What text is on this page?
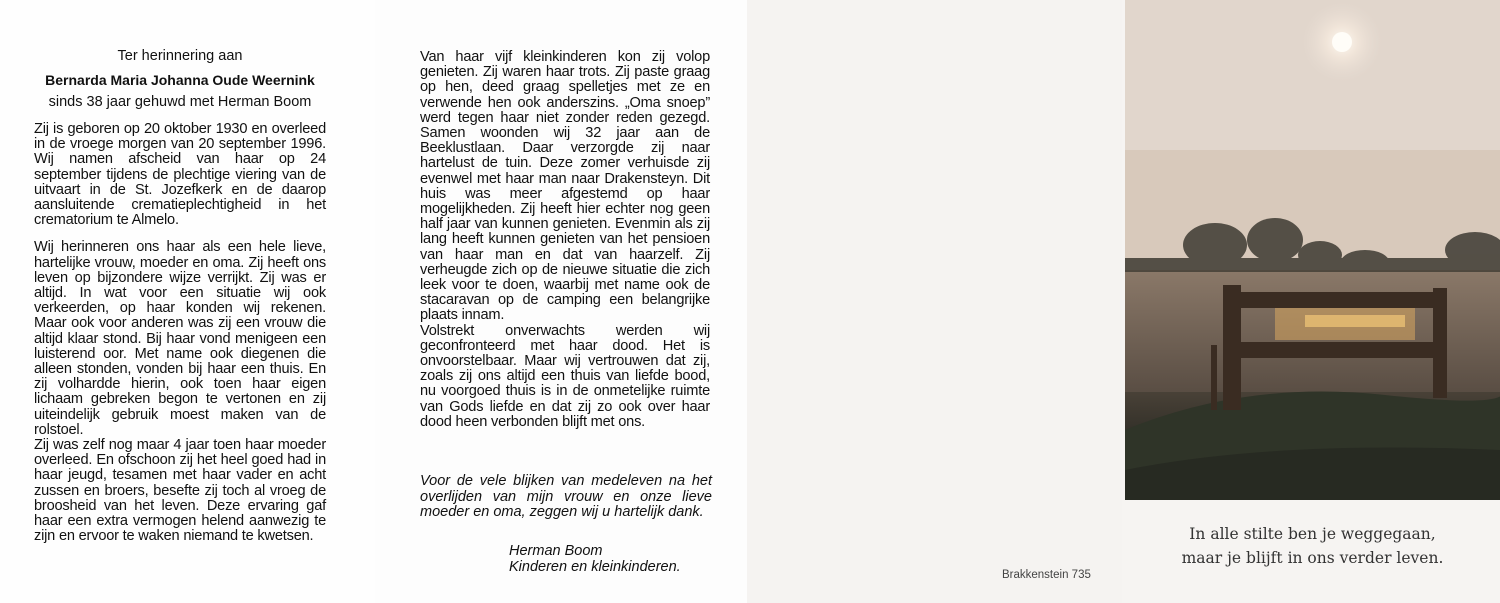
Ter herinnering aan
Bernarda Maria Johanna Oude Weernink
sinds 38 jaar gehuwd met Herman Boom

Zij is geboren op 20 oktober 1930 en overleed in de vroege morgen van 20 september 1996. Wij namen afscheid van haar op 24 september tijdens de plechtige viering van de uitvaart in de St. Jozefkerk en de daarop aansluitende crematieplechtigheid in het crematorium te Almelo.

Wij herinneren ons haar als een hele lieve, hartelijke vrouw, moeder en oma. Zij heeft ons leven op bijzondere wijze verrijkt. Zij was er altijd. In wat voor een situatie wij ook verkeerden, op haar konden wij rekenen. Maar ook voor anderen was zij een vrouw die altijd klaar stond. Bij haar vond menigeen een luisterend oor. Met name ook diegenen die alleen stonden, vonden bij haar een thuis. En zij volhardde hierin, ook toen haar eigen lichaam gebreken begon te vertonen en zij uiteindelijk gebruik moest maken van de rolstoel.

Zij was zelf nog maar 4 jaar toen haar moeder overleed. En ofschoon zij het heel goed had in haar jeugd, tesamen met haar vader en acht zussen en broers, besefte zij toch al vroeg de broosheid van het leven. Deze ervaring gaf haar een extra vermogen helend aanwezig te zijn en ervoor te waken niemand te kwetsen.

Van haar vijf kleinkinderen kon zij volop genieten. Zij waren haar trots. Zij paste graag op hen, deed graag spelletjes met ze en verwende hen ook anderszins. „Oma snoep” werd tegen haar niet zonder reden gezegd. Samen woonden wij 32 jaar aan de Beeklustlaan. Daar verzorgde zij naar hartelust de tuin. Deze zomer verhuisde zij evenwel met haar man naar Drakensteyn. Dit huis was meer afgestemd op haar mogelijkheden. Zij heeft hier echter nog geen half jaar van kunnen genieten. Evenmin als zij lang heeft kunnen genieten van het pensioen van haar man en dat van haarzelf. Zij verheugde zich op de nieuwe situatie die zich leek voor te doen, waarbij met name ook de stacaravan op de camping een belangrijke plaats innam.

Volstrekt onverwachts werden wij geconfronteerd met haar dood. Het is onvoorstelbaar. Maar wij vertrouwen dat zij, zoals zij ons altijd een thuis van liefde bood, nu voorgoed thuis is in de onmetelijke ruimte van Gods liefde en dat zij zo ook over haar dood heen verbonden blijft met ons.

Voor de vele blijken van medeleven na het overlijden van mijn vrouw en onze lieve moeder en oma, zeggen wij u hartelijk dank.
Herman Boom
Kinderen en kleinkinderen.	Brakkenstein 735
In alle stilte ben je weggegaan,
maar je blijft in ons verder leven.
